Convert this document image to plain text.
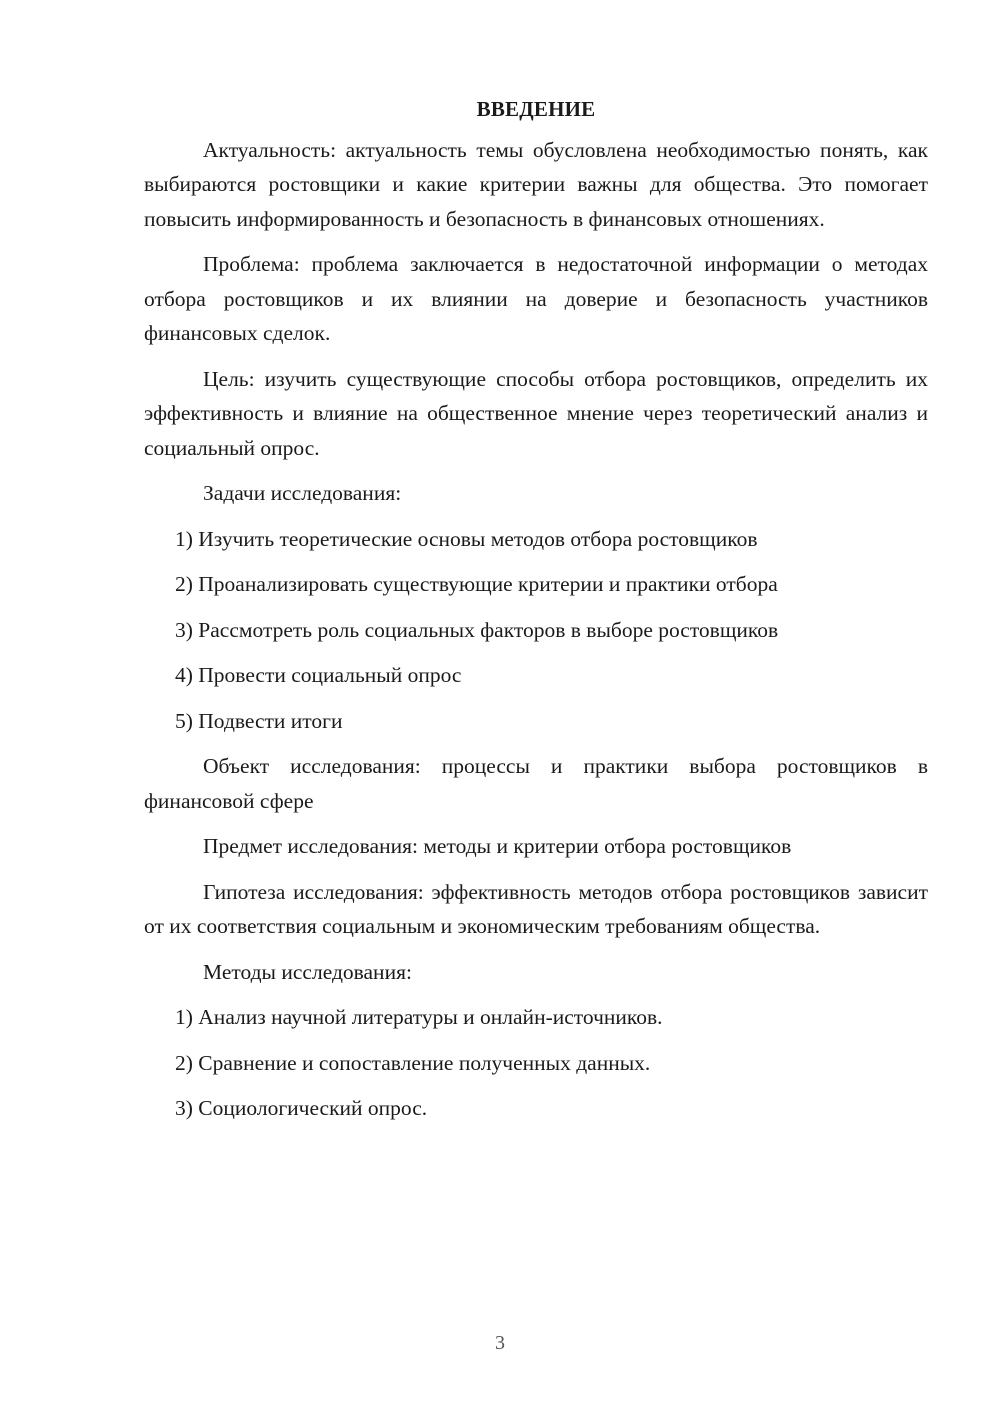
ВВЕДЕНИЕ

Актуальность: актуальность темы обусловлена необходимостью понять, как выбираются ростовщики и какие критерии важны для общества. Это помогает повысить информированность и безопасность в финансовых отношениях.

Проблема: проблема заключается в недостаточной информации о методах отбора ростовщиков и их влиянии на доверие и безопасность участников финансовых сделок.

Цель: изучить существующие способы отбора ростовщиков, определить их эффективность и влияние на общественное мнение через теоретический анализ и социальный опрос.

Задачи исследования:

1) Изучить теоретические основы методов отбора ростовщиков
2) Проанализировать существующие критерии и практики отбора
3) Рассмотреть роль социальных факторов в выборе ростовщиков
4) Провести социальный опрос
5) Подвести итоги

Объект исследования: процессы и практики выбора ростовщиков в финансовой сфере

Предмет исследования: методы и критерии отбора ростовщиков

Гипотеза исследования: эффективность методов отбора ростовщиков зависит от их соответствия социальным и экономическим требованиям общества.

Методы исследования:

1) Анализ научной литературы и онлайн-источников.
2) Сравнение и сопоставление полученных данных.
3) Социологический опрос.
3
